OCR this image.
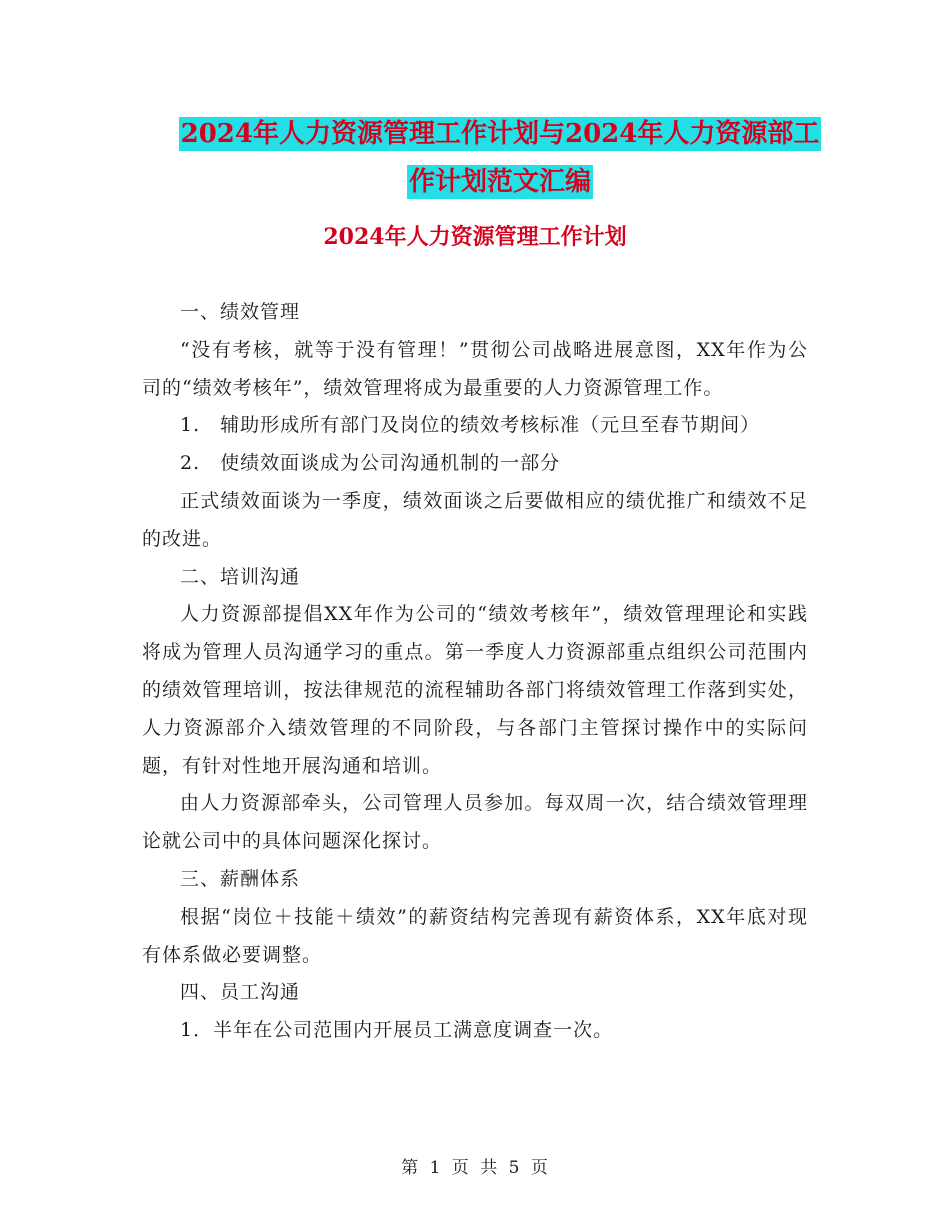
2024年人力资源管理工作计划与2024年人力资源部工
作计划范文汇编
2024年人力资源管理工作计划

一、绩效管理

“没有考核，就等于没有管理！”贯彻公司战略进展意图，XX年作为公司的“绩效考核年”，绩效管理将成为最重要的人力资源管理工作。

1.　辅助形成所有部门及岗位的绩效考核标准（元旦至春节期间）

2.　使绩效面谈成为公司沟通机制的一部分

正式绩效面谈为一季度，绩效面谈之后要做相应的绩优推广和绩效不足的改进。

二、培训沟通

人力资源部提倡XX年作为公司的“绩效考核年”，绩效管理理论和实践将成为管理人员沟通学习的重点。第一季度人力资源部重点组织公司范围内的绩效管理培训，按法律规范的流程辅助各部门将绩效管理工作落到实处，人力资源部介入绩效管理的不同阶段，与各部门主管探讨操作中的实际问题，有针对性地开展沟通和培训。

由人力资源部牵头，公司管理人员参加。每双周一次，结合绩效管理理论就公司中的具体问题深化探讨。

三、薪酬体系

根据“岗位＋技能＋绩效”的薪资结构完善现有薪资体系，XX年底对现有体系做必要调整。

四、员工沟通

1．半年在公司范围内开展员工满意度调查一次。

第 1 页 共 5 页
